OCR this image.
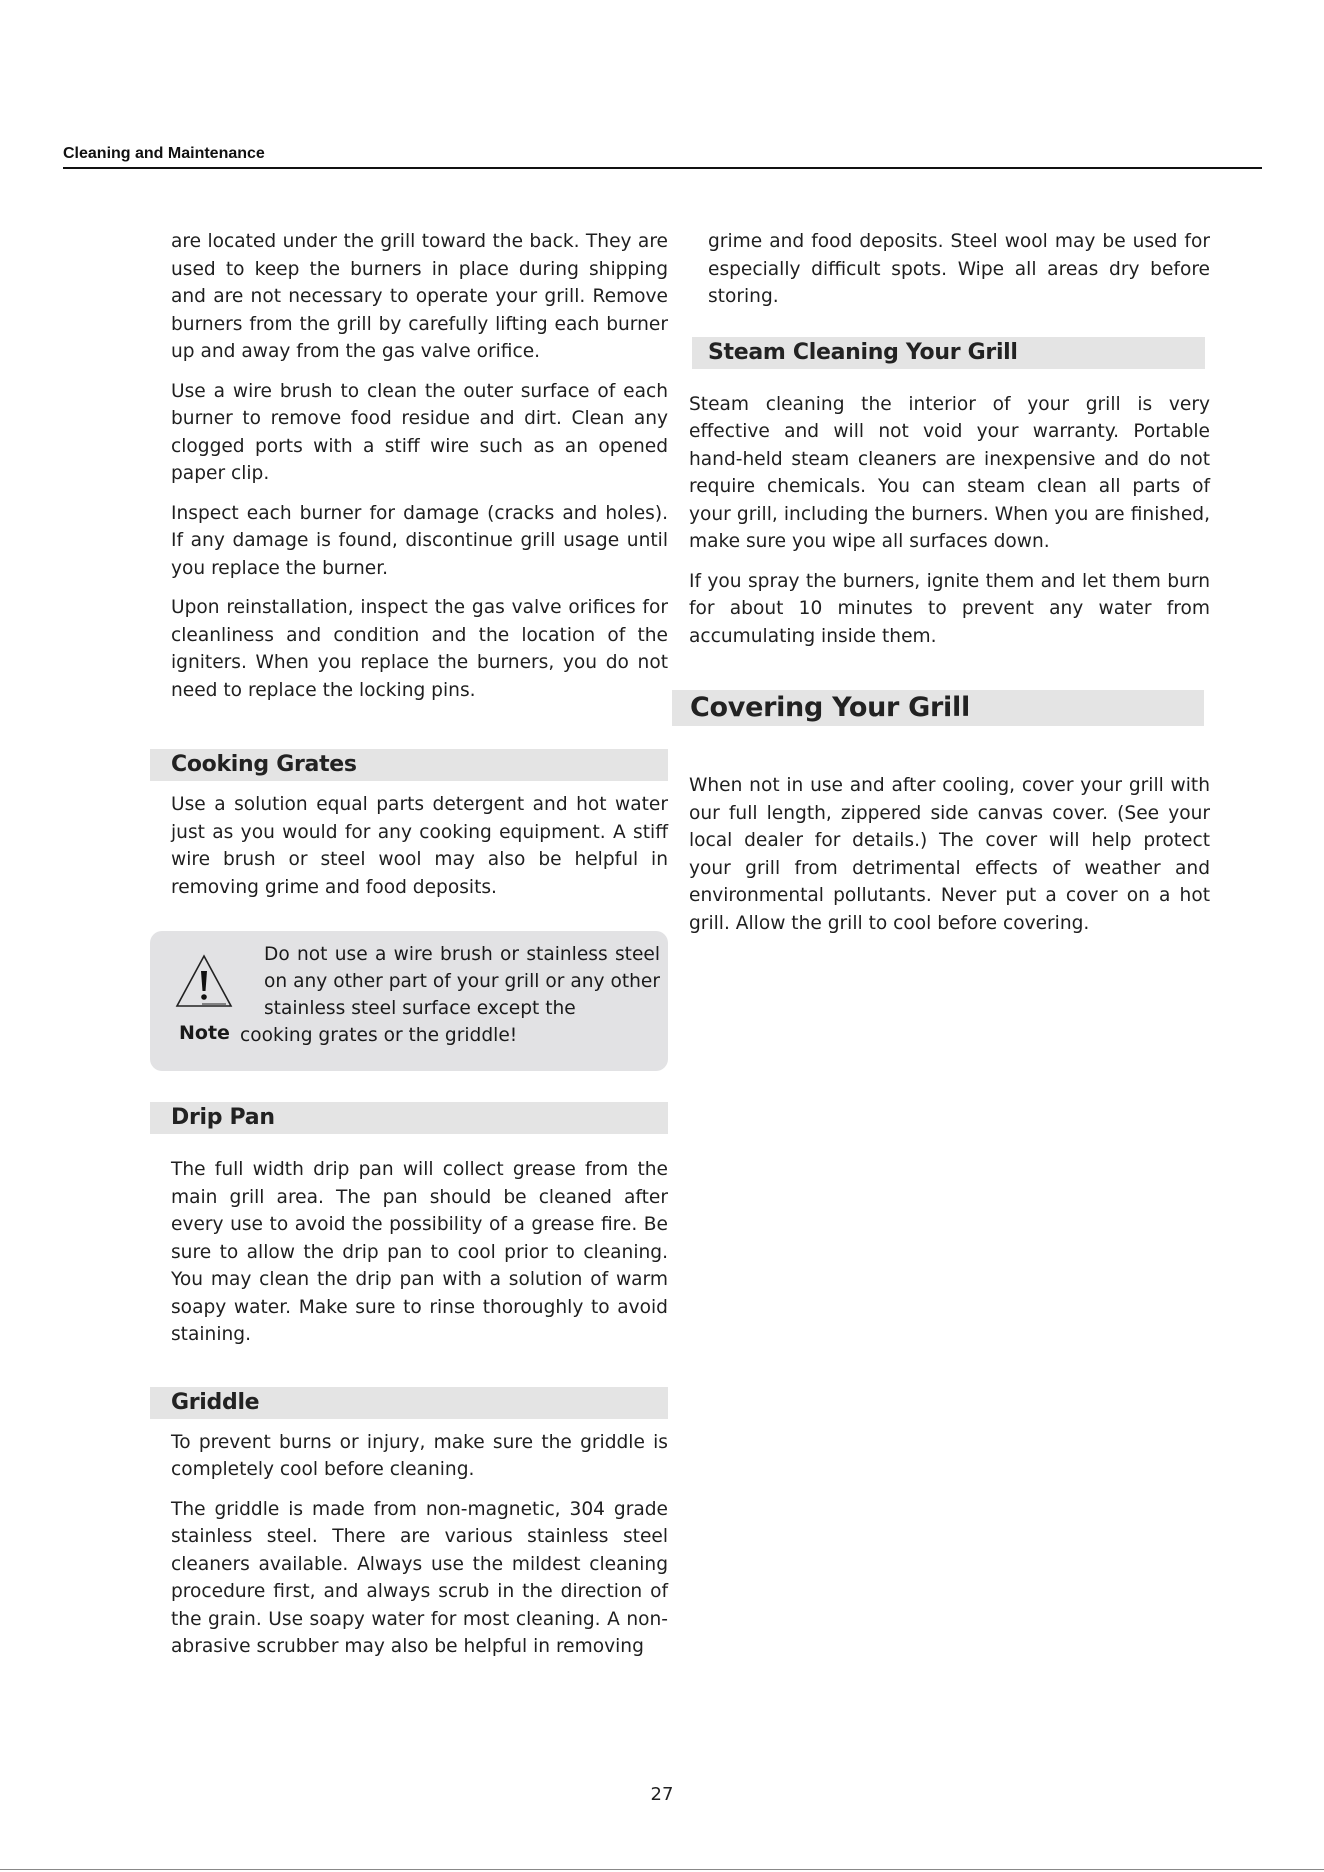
Cleaning and Maintenance

are located under the grill toward the back. They are used to keep the burners in place during shipping and are not necessary to operate your grill. Remove burners from the grill by carefully lifting each burner up and away from the gas valve orifice.

Use a wire brush to clean the outer surface of each burner to remove food residue and dirt. Clean any clogged ports with a stiff wire such as an opened paper clip.

Inspect each burner for damage (cracks and holes). If any damage is found, discontinue grill usage until you replace the burner.

Upon reinstallation, inspect the gas valve orifices for cleanliness and condition and the location of the igniters. When you replace the burners, you do not need to replace the locking pins.

Cooking Grates

Use a solution equal parts detergent and hot water just as you would for any cooking equipment. A stiff wire brush or steel wool may also be helpful in removing grime and food deposits.

Note
Do not use a wire brush or stainless steel on any other part of your grill or any other stainless steel surface except the
cooking grates or the griddle!
Drip Pan

The full width drip pan will collect grease from the main grill area. The pan should be cleaned after every use to avoid the possibility of a grease fire. Be sure to allow the drip pan to cool prior to cleaning. You may clean the drip pan with a solution of warm soapy water. Make sure to rinse thoroughly to avoid staining.

Griddle

To prevent burns or injury, make sure the griddle is completely cool before cleaning.

The griddle is made from non-magnetic, 304 grade stainless steel. There are various stainless steel cleaners available. Always use the mildest cleaning procedure first, and always scrub in the direction of the grain. Use soapy water for most cleaning. A non-abrasive scrubber may also be helpful in removing

grime and food deposits. Steel wool may be used for especially difficult spots. Wipe all areas dry before storing.

Steam Cleaning Your Grill

Steam cleaning the interior of your grill is very effective and will not void your warranty. Portable hand-held steam cleaners are inexpensive and do not require chemicals. You can steam clean all parts of your grill, including the burners. When you are finished, make sure you wipe all surfaces down.

If you spray the burners, ignite them and let them burn for about 10 minutes to prevent any water from accumulating inside them.

Covering Your Grill

When not in use and after cooling, cover your grill with our full length, zippered side canvas cover. (See your local dealer for details.) The cover will help protect your grill from detrimental effects of weather and environmental pollutants. Never put a cover on a hot grill. Allow the grill to cool before covering.

27
